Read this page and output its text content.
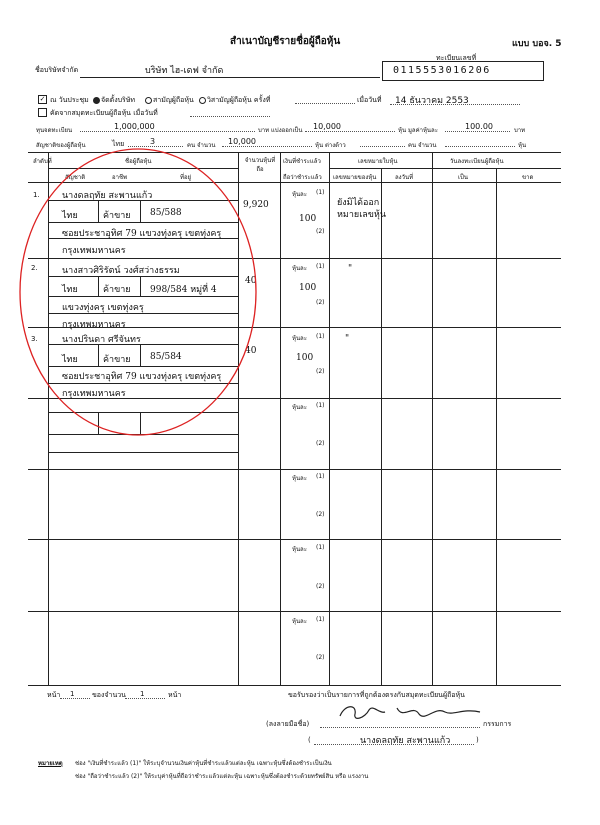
สำเนาบัญชีรายชื่อผู้ถือหุ้น	แบบ บอจ. 5
ชื่อบริษัทจำกัด	บริษัท ไฮ-เดฟ จำกัด
ทะเบียนเลขที่
0115553016206
✓ ณ วันประชุม จัดตั้งบริษัท	สามัญผู้ถือหุ้น วิสามัญผู้ถือหุ้น ครั้งที่	เมื่อวันที่ 14 ธันวาคม 2553
คัดจากสมุดทะเบียนผู้ถือหุ้น เมื่อวันที่
ทุนจดทะเบียน	1,000,000	บาท แบ่งออกเป็น 10,000	หุ้น มูลค่าหุ้นละ	100.00	บาท
สัญชาติของผู้ถือหุ้น	ไทย	3	คน จำนวน 10,000	หุ้น ต่างด้าว	คน จำนวน	หุ้น
ลำดับที่	ชื่อผู้ถือหุ้น
สัญชาติ	อาชีพ	ที่อยู่
จำนวนหุ้นที่ถือ
เงินที่ชำระแล้ว
ถือว่าชำระแล้ว
เลขหมายใบหุ้น
เลขหมายของหุ้น	ลงวันที่
วันลงทะเบียนผู้ถือหุ้น
เป็น	ขาด
1. นางดลฤทัย สะพานแก้ว
ไทย	ค้าขาย 85/588
ซอยประชาอุทิศ 79 แขวงทุ่งครุ เขตทุ่งครุ
กรุงเทพมหานคร
9,920
หุ้นละ (1)
100
(2)
ยังมิได้ออก
หมายเลขหุ้น
2.	นางสาวศิริรัตน์ วงศ์สว่างธรรม
ไทย	ค้าขาย 998/584 หมู่ที่ 4
แขวงทุ่งครุ เขตทุ่งครุ
กรุงเทพมหานคร
40
หุ้นละ (1)
100
(2)
"
3.	นางปรินดา ศรีจันทร
ไทย	ค้าขาย 85/584
ซอยประชาอุทิศ 79 แขวงทุ่งครุ เขตทุ่งครุ
กรุงเทพมหานคร
40
หุ้นละ (1)
100
(2)
"
หุ้นละ (1)
(2)
หุ้นละ (1)
(2)
หุ้นละ (1)
(2)
หุ้นละ (1)
(2)
หน้า 1	ของจำนวน 1	หน้า	ขอรับรองว่าเป็นรายการที่ถูกต้องตรงกับสมุดทะเบียนผู้ถือหุ้น
(ลงลายมือชื่อ)	กรรมการ
(	นางดลฤทัย สะพานแก้ว	)
หมายเหตุ ช่อง "เงินที่ชำระแล้ว (1)" ให้ระบุจำนวนเงินค่าหุ้นที่ชำระแล้วแต่ละหุ้น เฉพาะหุ้นซึ่งต้องชำระเป็นเงิน
ช่อง "ถือว่าชำระแล้ว (2)" ให้ระบุค่าหุ้นที่ถือว่าชำระแล้วแต่ละหุ้น เฉพาะหุ้นซึ่งต้องชำระด้วยทรัพย์สิน หรือ แรงงาน
